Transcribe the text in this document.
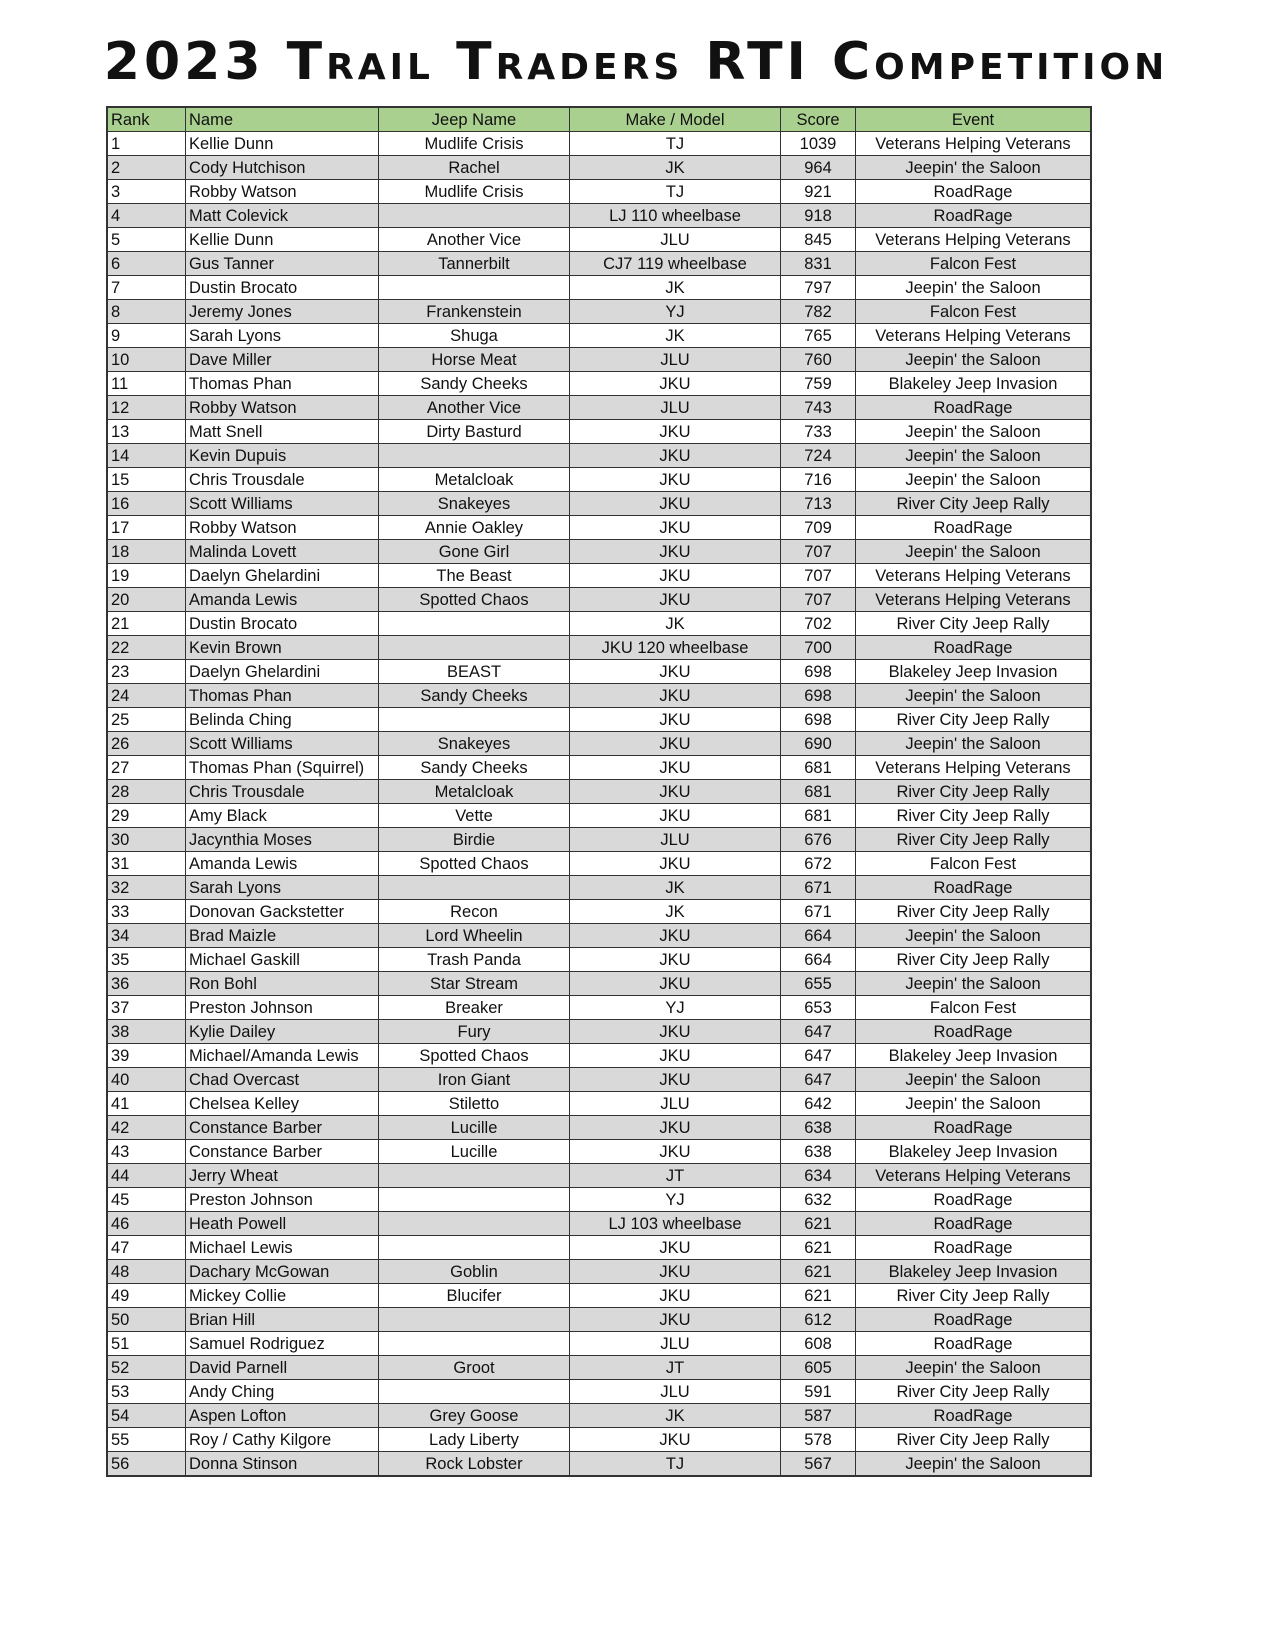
2023 Trail Traders RTI Competition
Rank	Name	Jeep Name	Make / Model	Score	Event
1	Kellie Dunn	Mudlife Crisis	TJ	1039	Veterans Helping Veterans
2	Cody Hutchison	Rachel	JK	964	Jeepin' the Saloon
3	Robby Watson	Mudlife Crisis	TJ	921	RoadRage
4	Matt Colevick		LJ 110 wheelbase	918	RoadRage
5	Kellie Dunn	Another Vice	JLU	845	Veterans Helping Veterans
6	Gus Tanner	Tannerbilt	CJ7 119 wheelbase	831	Falcon Fest
7	Dustin Brocato		JK	797	Jeepin' the Saloon
8	Jeremy Jones	Frankenstein	YJ	782	Falcon Fest
9	Sarah Lyons	Shuga	JK	765	Veterans Helping Veterans
10	Dave Miller	Horse Meat	JLU	760	Jeepin' the Saloon
11	Thomas Phan	Sandy Cheeks	JKU	759	Blakeley Jeep Invasion
12	Robby Watson	Another Vice	JLU	743	RoadRage
13	Matt Snell	Dirty Basturd	JKU	733	Jeepin' the Saloon
14	Kevin Dupuis		JKU	724	Jeepin' the Saloon
15	Chris Trousdale	Metalcloak	JKU	716	Jeepin' the Saloon
16	Scott Williams	Snakeyes	JKU	713	River City Jeep Rally
17	Robby Watson	Annie Oakley	JKU	709	RoadRage
18	Malinda Lovett	Gone Girl	JKU	707	Jeepin' the Saloon
19	Daelyn Ghelardini	The Beast	JKU	707	Veterans Helping Veterans
20	Amanda Lewis	Spotted Chaos	JKU	707	Veterans Helping Veterans
21	Dustin Brocato		JK	702	River City Jeep Rally
22	Kevin Brown		JKU 120 wheelbase	700	RoadRage
23	Daelyn Ghelardini	BEAST	JKU	698	Blakeley Jeep Invasion
24	Thomas Phan	Sandy Cheeks	JKU	698	Jeepin' the Saloon
25	Belinda Ching		JKU	698	River City Jeep Rally
26	Scott Williams	Snakeyes	JKU	690	Jeepin' the Saloon
27	Thomas Phan (Squirrel)	Sandy Cheeks	JKU	681	Veterans Helping Veterans
28	Chris Trousdale	Metalcloak	JKU	681	River City Jeep Rally
29	Amy Black	Vette	JKU	681	River City Jeep Rally
30	Jacynthia Moses	Birdie	JLU	676	River City Jeep Rally
31	Amanda Lewis	Spotted Chaos	JKU	672	Falcon Fest
32	Sarah Lyons		JK	671	RoadRage
33	Donovan Gackstetter	Recon	JK	671	River City Jeep Rally
34	Brad Maizle	Lord Wheelin	JKU	664	Jeepin' the Saloon
35	Michael Gaskill	Trash Panda	JKU	664	River City Jeep Rally
36	Ron Bohl	Star Stream	JKU	655	Jeepin' the Saloon
37	Preston Johnson	Breaker	YJ	653	Falcon Fest
38	Kylie Dailey	Fury	JKU	647	RoadRage
39	Michael/Amanda Lewis	Spotted Chaos	JKU	647	Blakeley Jeep Invasion
40	Chad Overcast	Iron Giant	JKU	647	Jeepin' the Saloon
41	Chelsea Kelley	Stiletto	JLU	642	Jeepin' the Saloon
42	Constance Barber	Lucille	JKU	638	RoadRage
43	Constance Barber	Lucille	JKU	638	Blakeley Jeep Invasion
44	Jerry Wheat		JT	634	Veterans Helping Veterans
45	Preston Johnson		YJ	632	RoadRage
46	Heath Powell		LJ 103 wheelbase	621	RoadRage
47	Michael Lewis		JKU	621	RoadRage
48	Dachary McGowan	Goblin	JKU	621	Blakeley Jeep Invasion
49	Mickey Collie	Blucifer	JKU	621	River City Jeep Rally
50	Brian Hill		JKU	612	RoadRage
51	Samuel Rodriguez		JLU	608	RoadRage
52	David Parnell	Groot	JT	605	Jeepin' the Saloon
53	Andy Ching		JLU	591	River City Jeep Rally
54	Aspen Lofton	Grey Goose	JK	587	RoadRage
55	Roy / Cathy Kilgore	Lady Liberty	JKU	578	River City Jeep Rally
56	Donna Stinson	Rock Lobster	TJ	567	Jeepin' the Saloon
